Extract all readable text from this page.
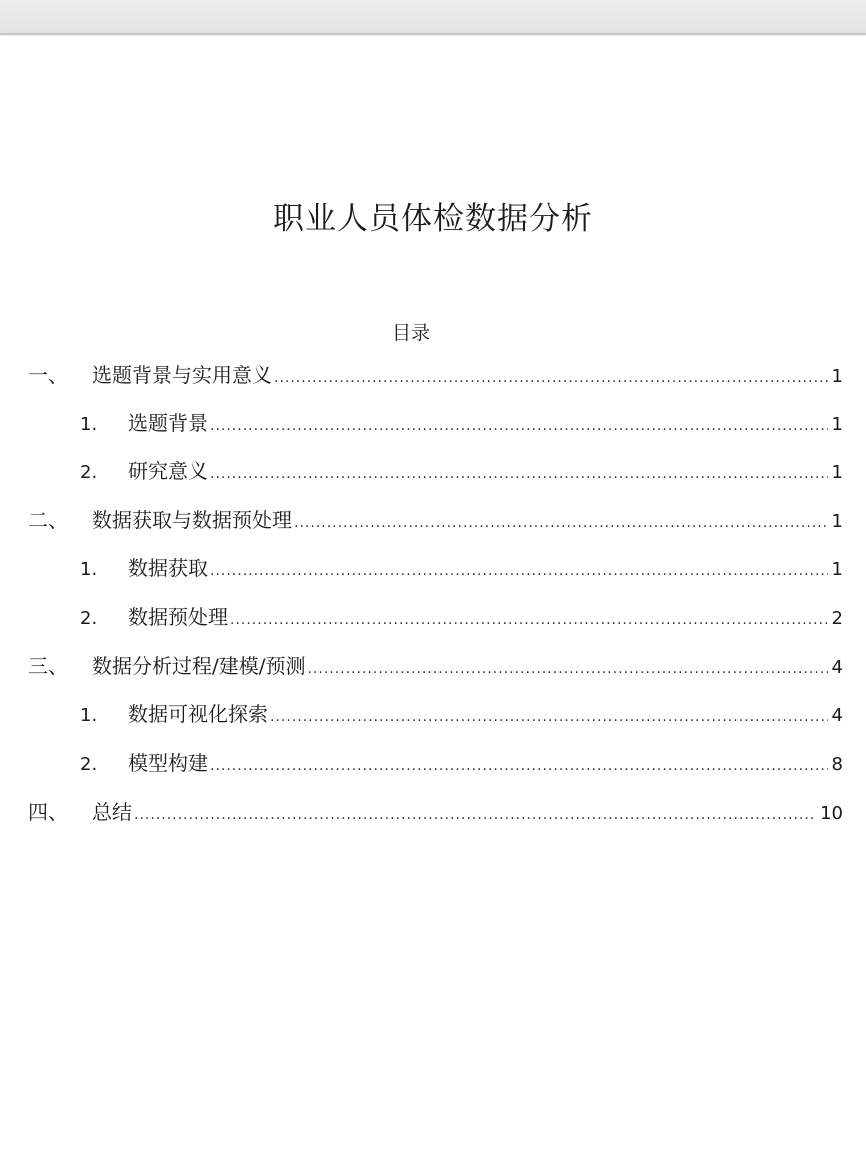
职业人员体检数据分析
目录
一、	选题背景与实用意义 .....	1
1.	选题背景 .....	1
2.	研究意义 .....	1
二、	数据获取与数据预处理 .....	1
1.	数据获取 .....	1
2.	数据预处理 .....	2
三、	数据分析过程/建模/预测 .....	4
1.	数据可视化探索 .....	4
2.	模型构建 .....	8
四、	总结 .....	10
